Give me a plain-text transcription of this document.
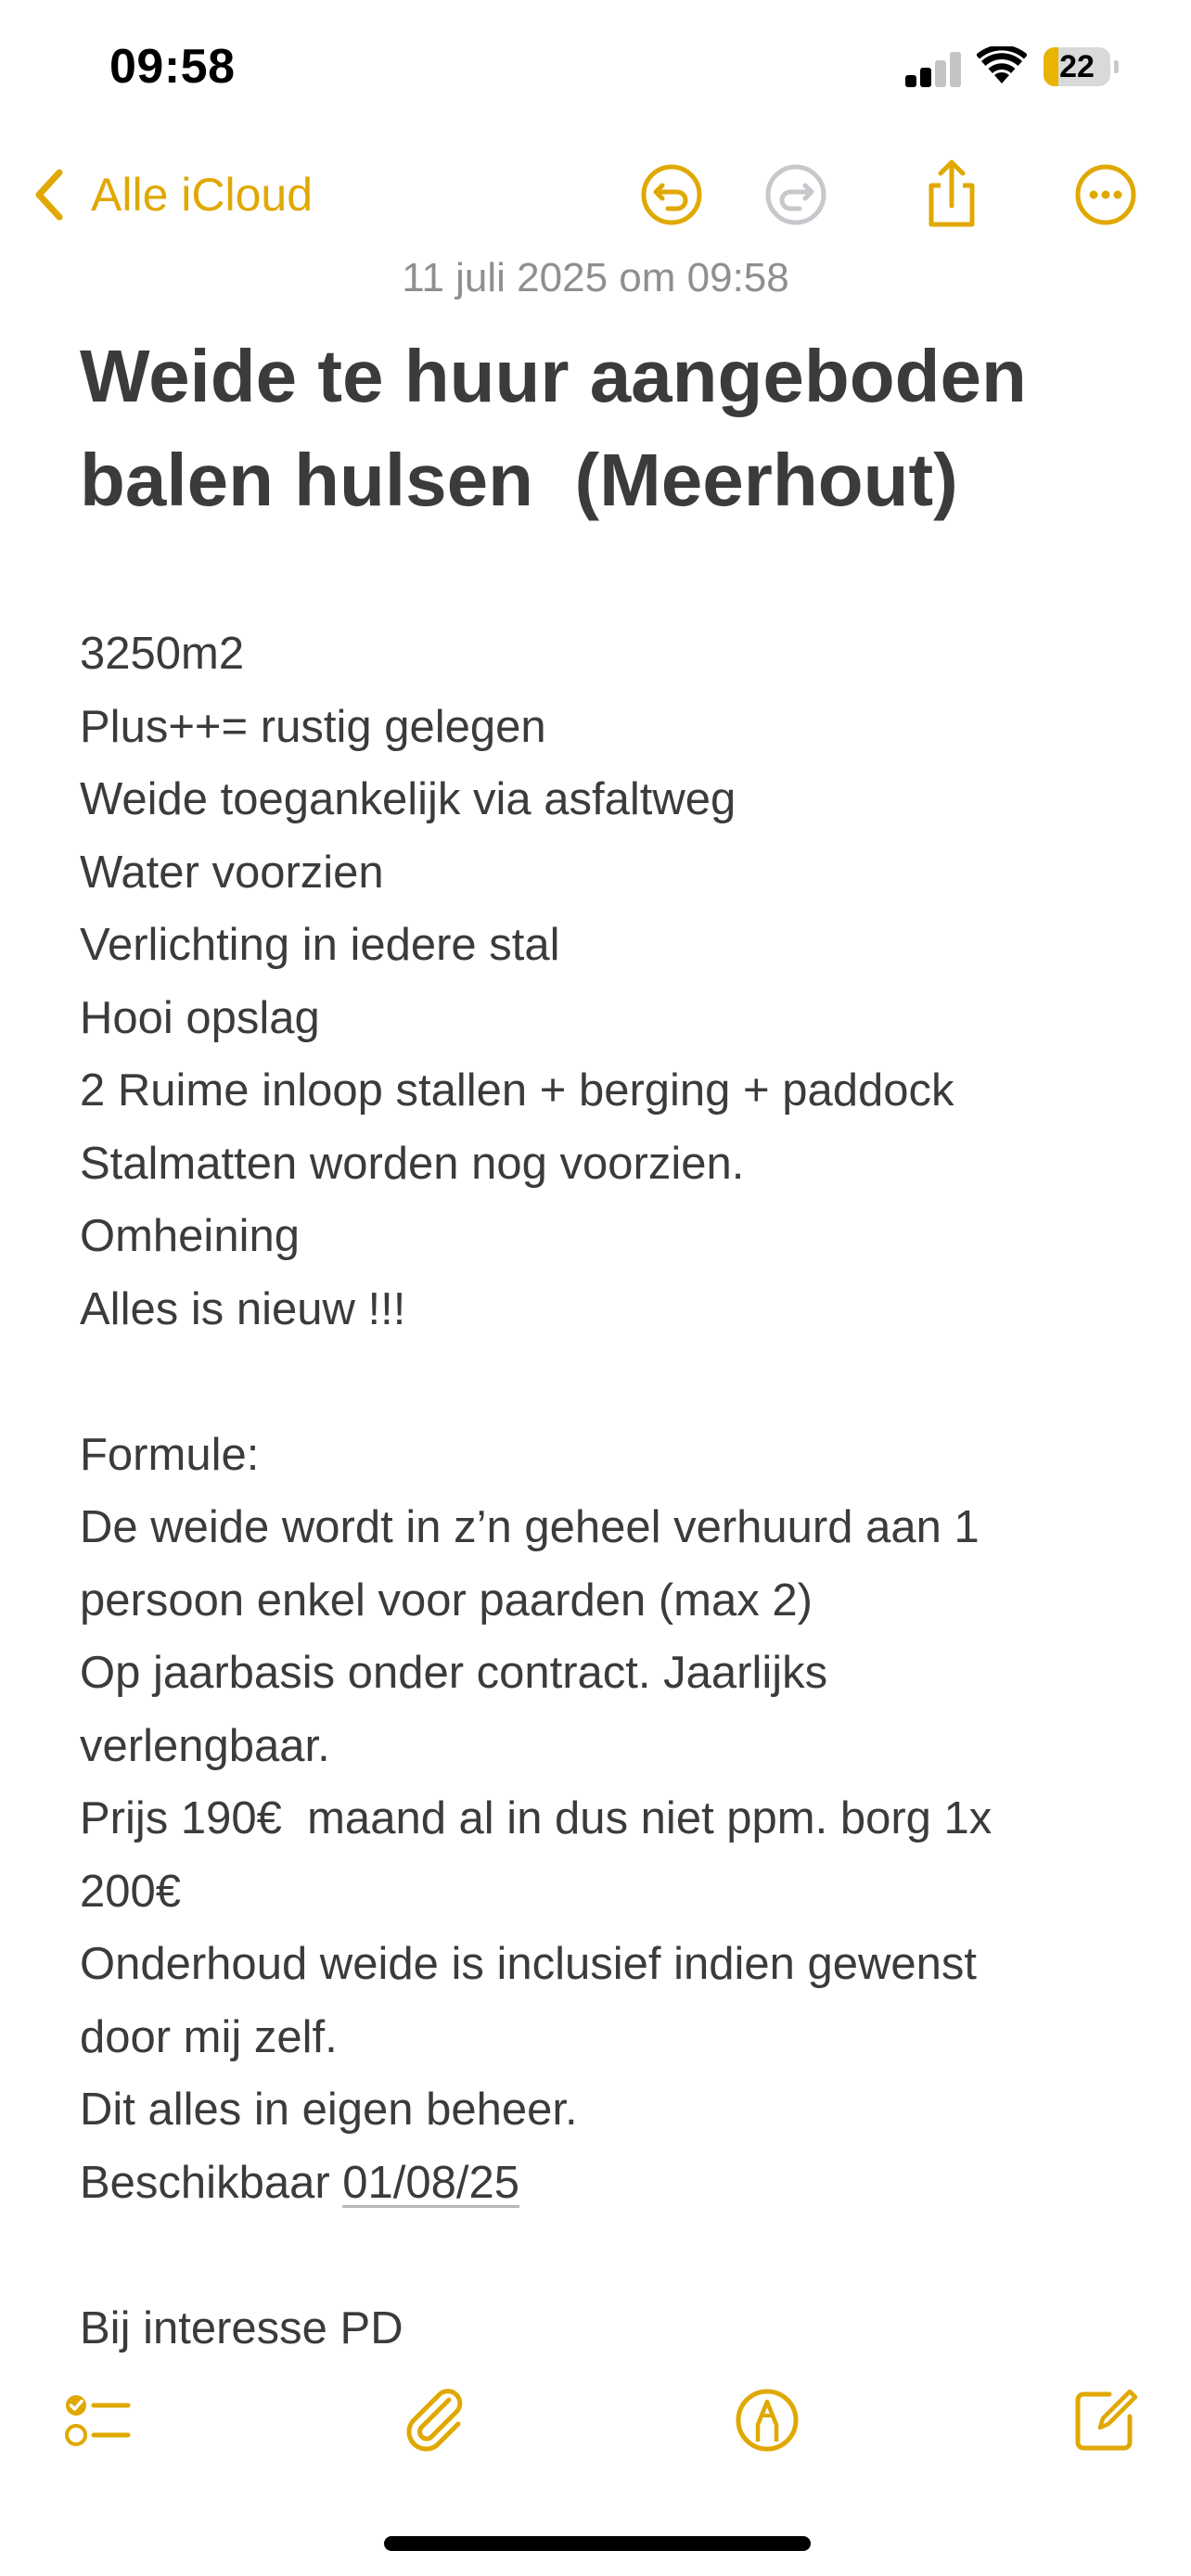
09:58	22
Alle iCloud
11 juli 2025 om 09:58
Weide te huur aangeboden balen hulsen  (Meerhout)
3250m2
Plus++= rustig gelegen
Weide toegankelijk via asfaltweg
Water voorzien
Verlichting in iedere stal
Hooi opslag
2 Ruime inloop stallen + berging + paddock
Stalmatten worden nog voorzien.
Omheining
Alles is nieuw !!!
Formule:
De weide wordt in z’n geheel verhuurd aan 1
persoon enkel voor paarden (max 2)
Op jaarbasis onder contract. Jaarlijks
verlengbaar.
Prijs 190€  maand al in dus niet ppm. borg 1x
200€
Onderhoud weide is inclusief indien gewenst
door mij zelf.
Dit alles in eigen beheer.
Beschikbaar 01/08/25
Bij interesse PD
